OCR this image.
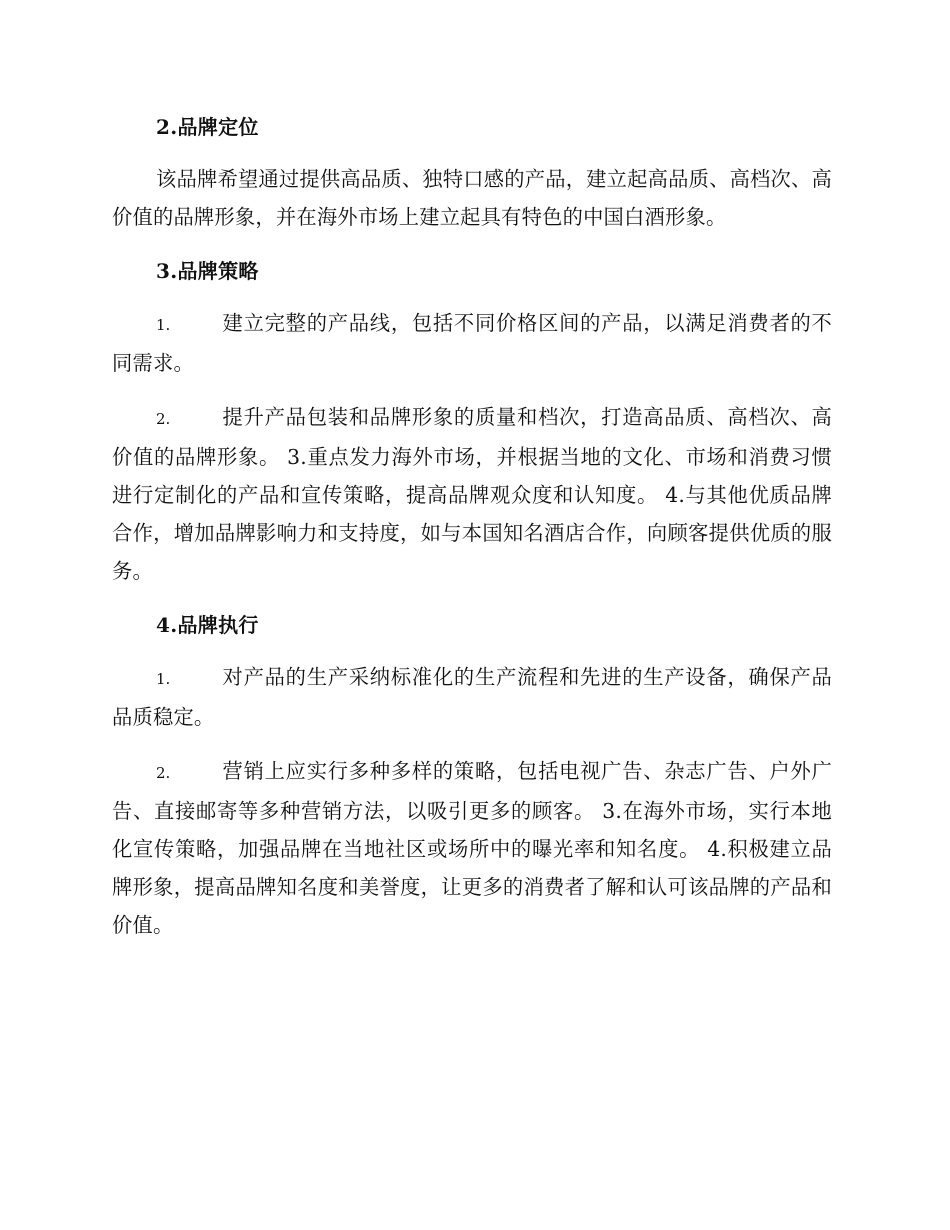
2.品牌定位

该品牌希望通过提供高品质、独特口感的产品，建立起高品质、高档次、高价值的品牌形象，并在海外市场上建立起具有特色的中国白酒形象。

3.品牌策略

1.	建立完整的产品线，包括不同价格区间的产品，以满足消费者的不同需求。

2.	提升产品包装和品牌形象的质量和档次，打造高品质、高档次、高价值的品牌形象。 3.重点发力海外市场，并根据当地的文化、市场和消费习惯进行定制化的产品和宣传策略，提高品牌观众度和认知度。 4.与其他优质品牌合作，增加品牌影响力和支持度，如与本国知名酒店合作，向顾客提供优质的服务。

4.品牌执行

1.	对产品的生产采纳标准化的生产流程和先进的生产设备，确保产品品质稳定。

2.	营销上应实行多种多样的策略，包括电视广告、杂志广告、户外广告、直接邮寄等多种营销方法，以吸引更多的顾客。 3.在海外市场，实行本地化宣传策略，加强品牌在当地社区或场所中的曝光率和知名度。 4.积极建立品牌形象，提高品牌知名度和美誉度，让更多的消费者了解和认可该品牌的产品和价值。
